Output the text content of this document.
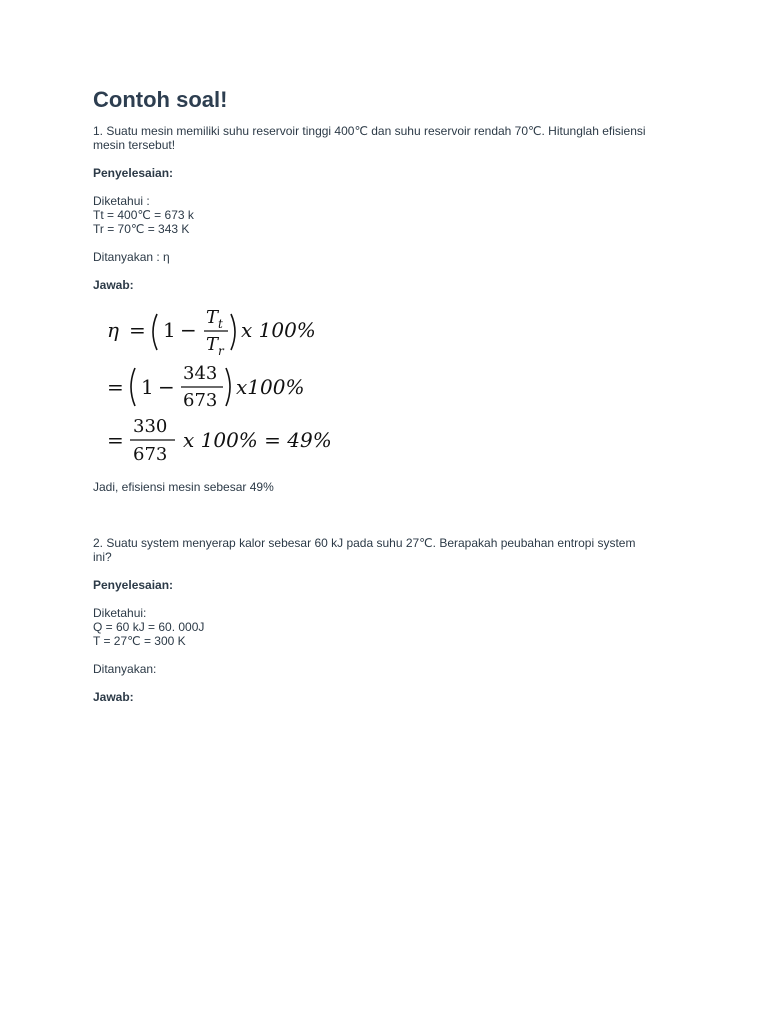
Contoh soal!

1. Suatu mesin memiliki suhu reservoir tinggi 400℃ dan suhu reservoir rendah 70℃. Hitunglah efisiensi mesin tersebut!

Penyelesaian:

Diketahui :
Tt = 400℃ = 673 k
Tr = 70℃ = 343 K

Ditanyakan : η

Jawab:

η = 1 −
T t
T r
x 100%
= 1 −
343
673
x100%
=
330
673
x 100% = 49%

Jadi, efisiensi mesin sebesar 49%

2. Suatu system menyerap kalor sebesar 60 kJ pada suhu 27℃. Berapakah peubahan entropi system ini?

Penyelesaian:

Diketahui:
Q = 60 kJ = 60. 000J
T = 27℃ = 300 K

Ditanyakan:

Jawab:
